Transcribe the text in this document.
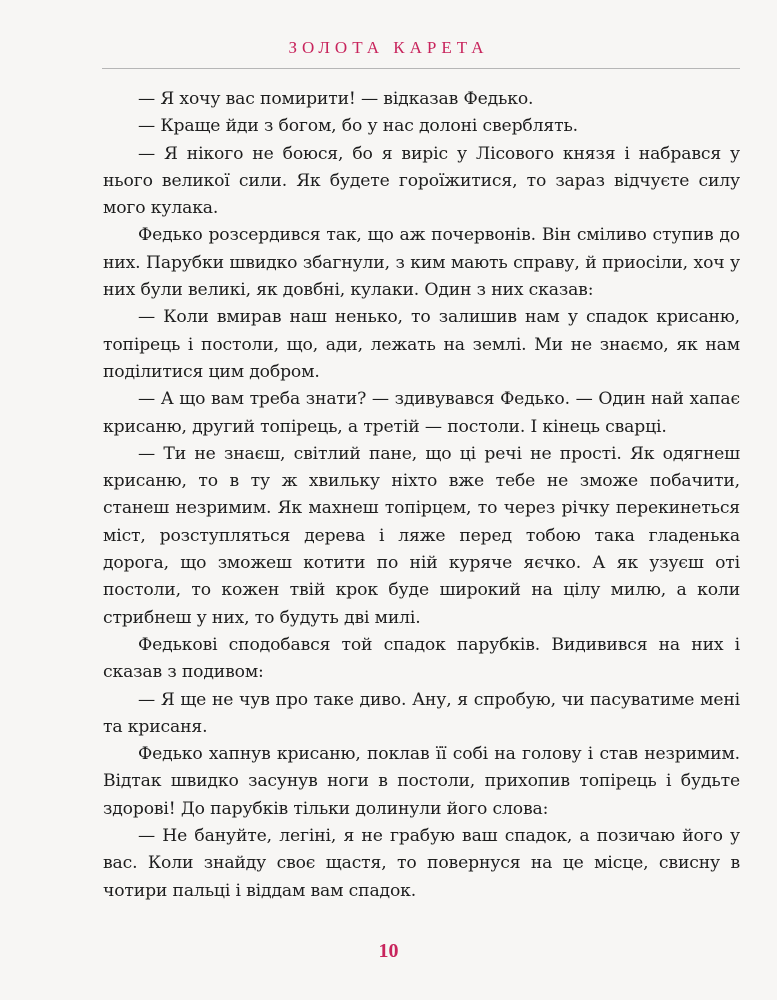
ЗОЛОТА КАРЕТА

— Я хочу вас помирити! — відказав Федько.

— Краще йди з богом, бо у нас долоні сверблять.

— Я нікого не боюся, бо я виріс у Лісового князя і набрався у нього великої сили. Як будете гороїжитися, то зараз відчуєте силу мого кулака.

Федько розсердився так, що аж почервонів. Він сміливо ступив до них. Парубки швидко збагнули, з ким мають справу, й приосіли, хоч у них були великі, як довбні, кулаки. Один з них сказав:

— Коли вмирав наш ненько, то залишив нам у спадок крисаню, топірець і постоли, що, ади, лежать на землі. Ми не знаємо, як нам поділитися цим добром.

— А що вам треба знати? — здивувався Федько. — Один най хапає крисаню, другий топірець, а третій — постоли. І кінець сварці.

— Ти не знаєш, світлий пане, що ці речі не прості. Як одягнеш крисаню, то в ту ж хвильку ніхто вже тебе не зможе побачити, станеш незримим. Як махнеш топірцем, то через річку перекинеться міст, розступляться дерева і ляже перед тобою така гладенька дорога, що зможеш котити по ній куряче яєчко. А як узуєш оті постоли, то кожен твій крок буде широкий на цілу милю, а коли стрибнеш у них, то будуть дві милі.

Федькові сподобався той спадок парубків. Видивився на них і сказав з подивом:

— Я ще не чув про таке диво. Ану, я спробую, чи пасуватиме мені та крисаня.

Федько хапнув крисаню, поклав її собі на голову і став незримим. Відтак швидко засунув ноги в постоли, прихопив топірець і будьте здорові! До парубків тільки долинули його слова:

— Не бануйте, легіні, я не грабую ваш спадок, а позичаю його у вас. Коли знайду своє щастя, то повернуся на це місце, свисну в чотири пальці і віддам вам спадок.

10
